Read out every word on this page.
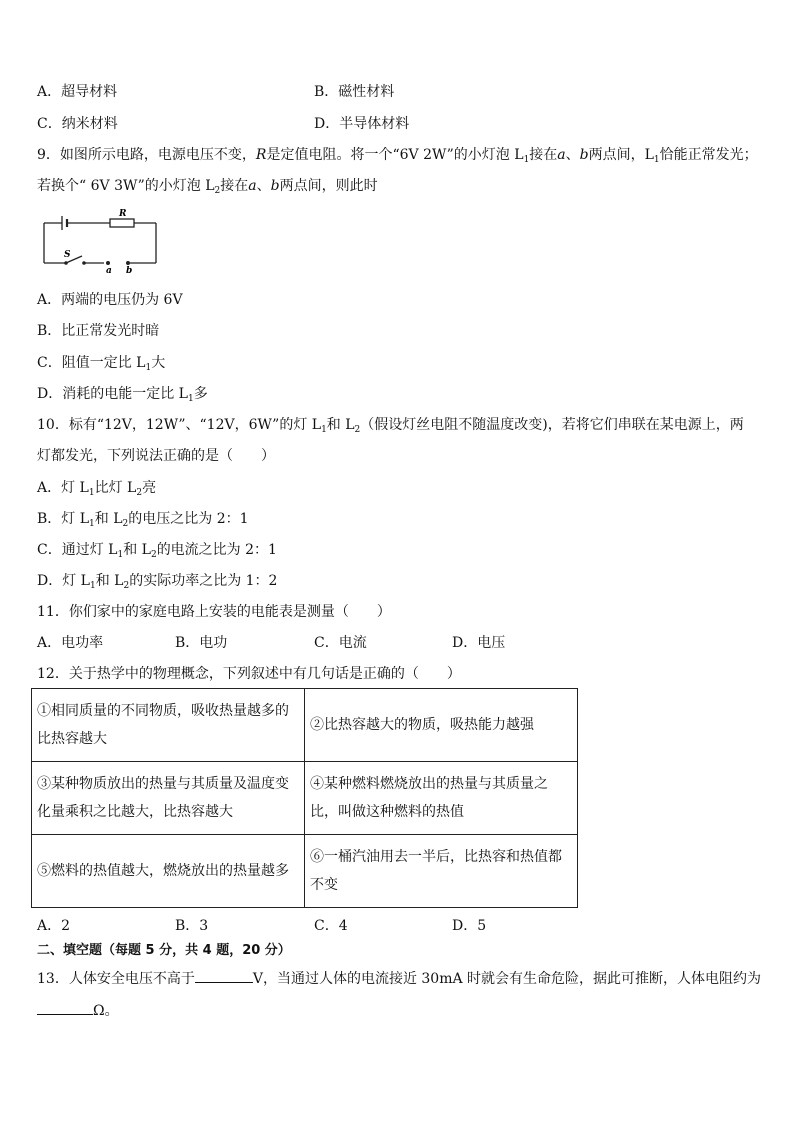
A．超导材料	B．磁性材料
C．纳米材料	D．半导体材料
9．如图所示电路，电源电压不变，R是定值电阻。将一个“6V 2W”的小灯泡 $L_1$接在a、b两点间，$L_1$恰能正常发光；
若换个“ 6V 3W”的小灯泡 $L_2$接在a、b两点间，则此时
R
S
a b
A．两端的电压仍为 6V
B．比正常发光时暗
C．阻值一定比 $L_1$大
D．消耗的电能一定比 $L_1$多
10．标有“12V，12W”、“12V，6W”的灯 $L_1$和 $L_2$（假设灯丝电阻不随温度改变)，若将它们串联在某电源上，两
灯都发光，下列说法正确的是（　　）
A．灯 $L_1$比灯 $L_2$亮
B．灯 $L_1$和 $L_2$的电压之比为 2：1
C．通过灯 $L_1$和 $L_2$的电流之比为 2：1
D．灯 $L_1$和 $L_2$的实际功率之比为 1：2
11．你们家中的家庭电路上安装的电能表是测量（　　）
A．电功率	B．电功	C．电流	D．电压
12．关于热学中的物理概念，下列叙述中有几句话是正确的（　　）
①相同质量的不同物质，吸收热量越多的比热容越大	②比热容越大的物质，吸热能力越强
③某种物质放出的热量与其质量及温度变化量乘积之比越大，比热容越大	④某种燃料燃烧放出的热量与其质量之比，叫做这种燃料的热值
⑤燃料的热值越大，燃烧放出的热量越多	⑥一桶汽油用去一半后，比热容和热值都不变
A．2	B．3	C．4	D．5
二、填空题（每题 5 分，共 4 题，20 分）
13．人体安全电压不高于	V，当通过人体的电流接近 30mA 时就会有生命危险，据此可推断，人体电阻约为
Ω。
